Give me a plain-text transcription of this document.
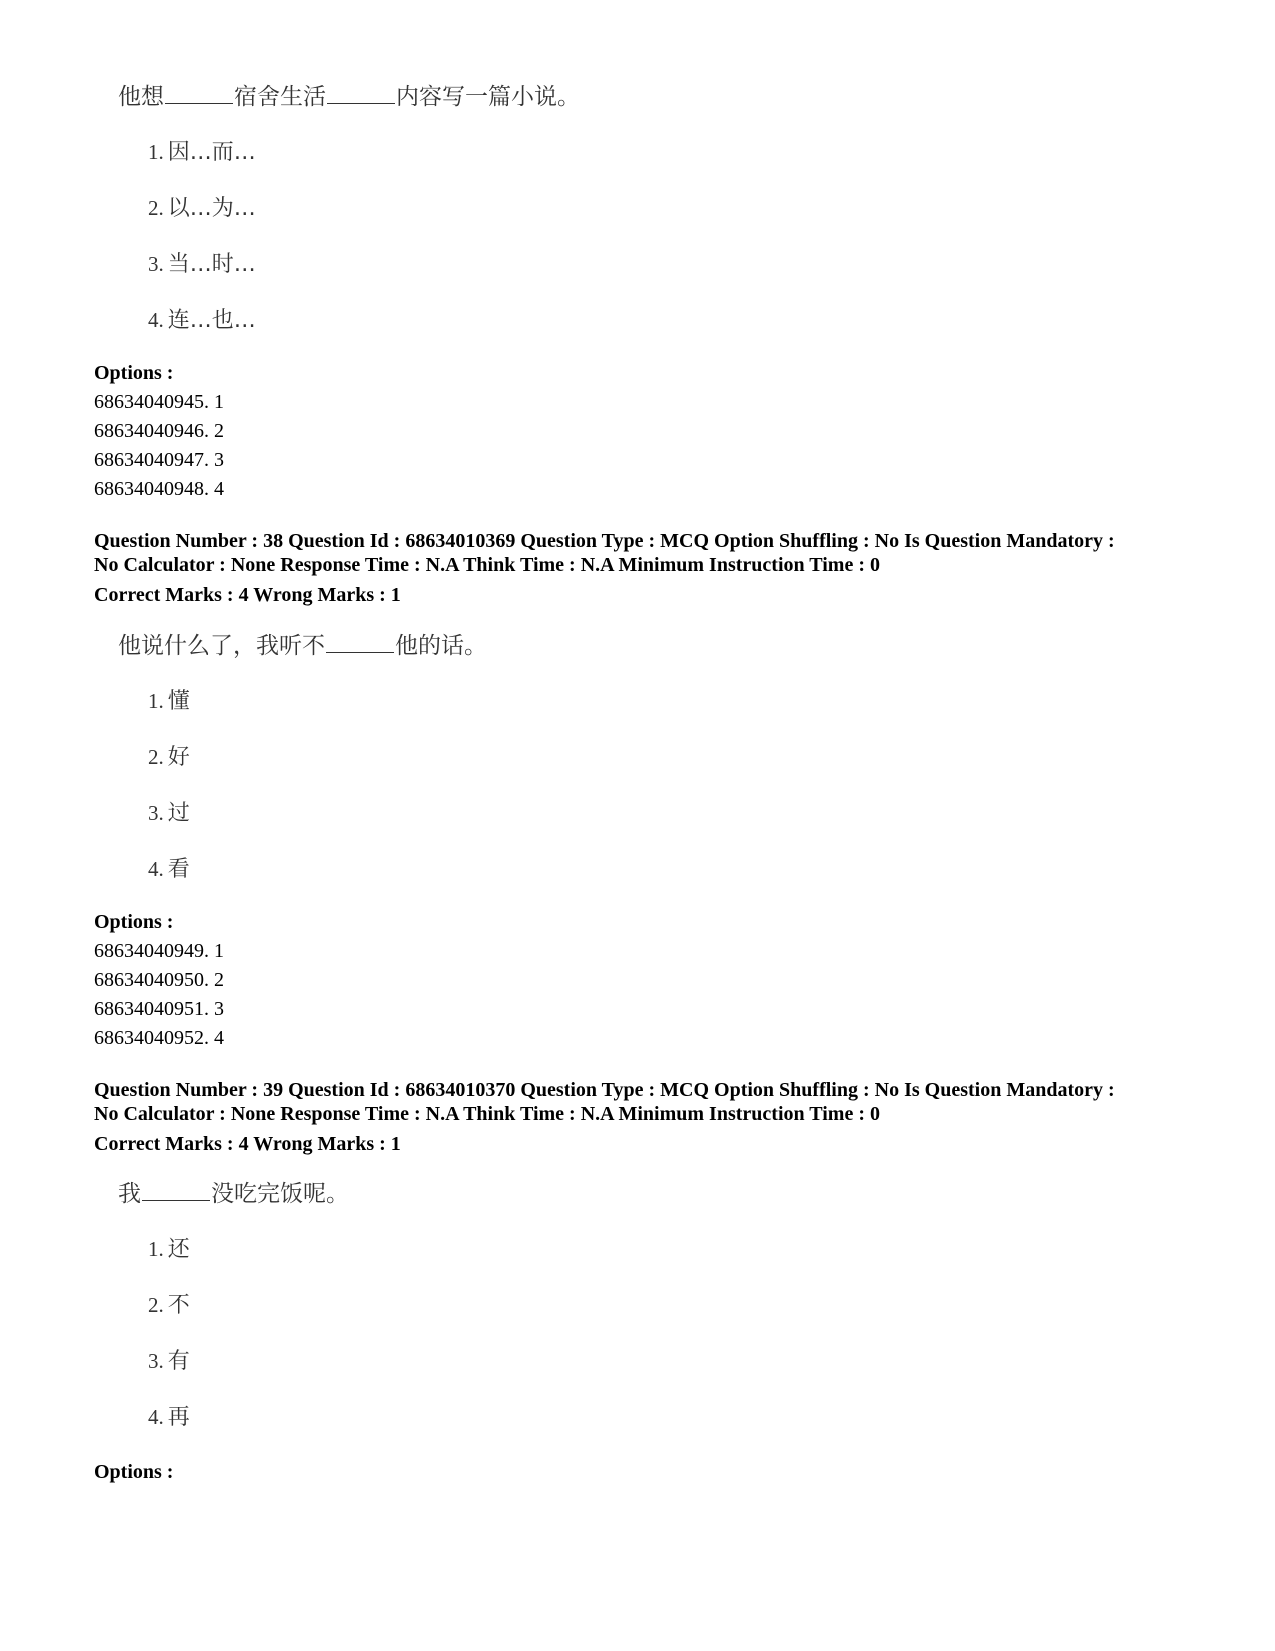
他想	宿舍生活	内容写一篇小说。
1. 因…而…
2. 以…为…
3. 当…时…
4. 连…也…
Options :
68634040945. 1
68634040946. 2
68634040947. 3
68634040948. 4
Question Number : 38 Question Id : 68634010369 Question Type : MCQ Option Shuffling : No Is Question Mandatory :
No Calculator : None Response Time : N.A Think Time : N.A Minimum Instruction Time : 0
Correct Marks : 4 Wrong Marks : 1
他说什么了，我听不	他的话。
1. 懂
2. 好
3. 过
4. 看
Options :
68634040949. 1
68634040950. 2
68634040951. 3
68634040952. 4
Question Number : 39 Question Id : 68634010370 Question Type : MCQ Option Shuffling : No Is Question Mandatory :
No Calculator : None Response Time : N.A Think Time : N.A Minimum Instruction Time : 0
Correct Marks : 4 Wrong Marks : 1
我	没吃完饭呢。
1. 还
2. 不
3. 有
4. 再
Options :
